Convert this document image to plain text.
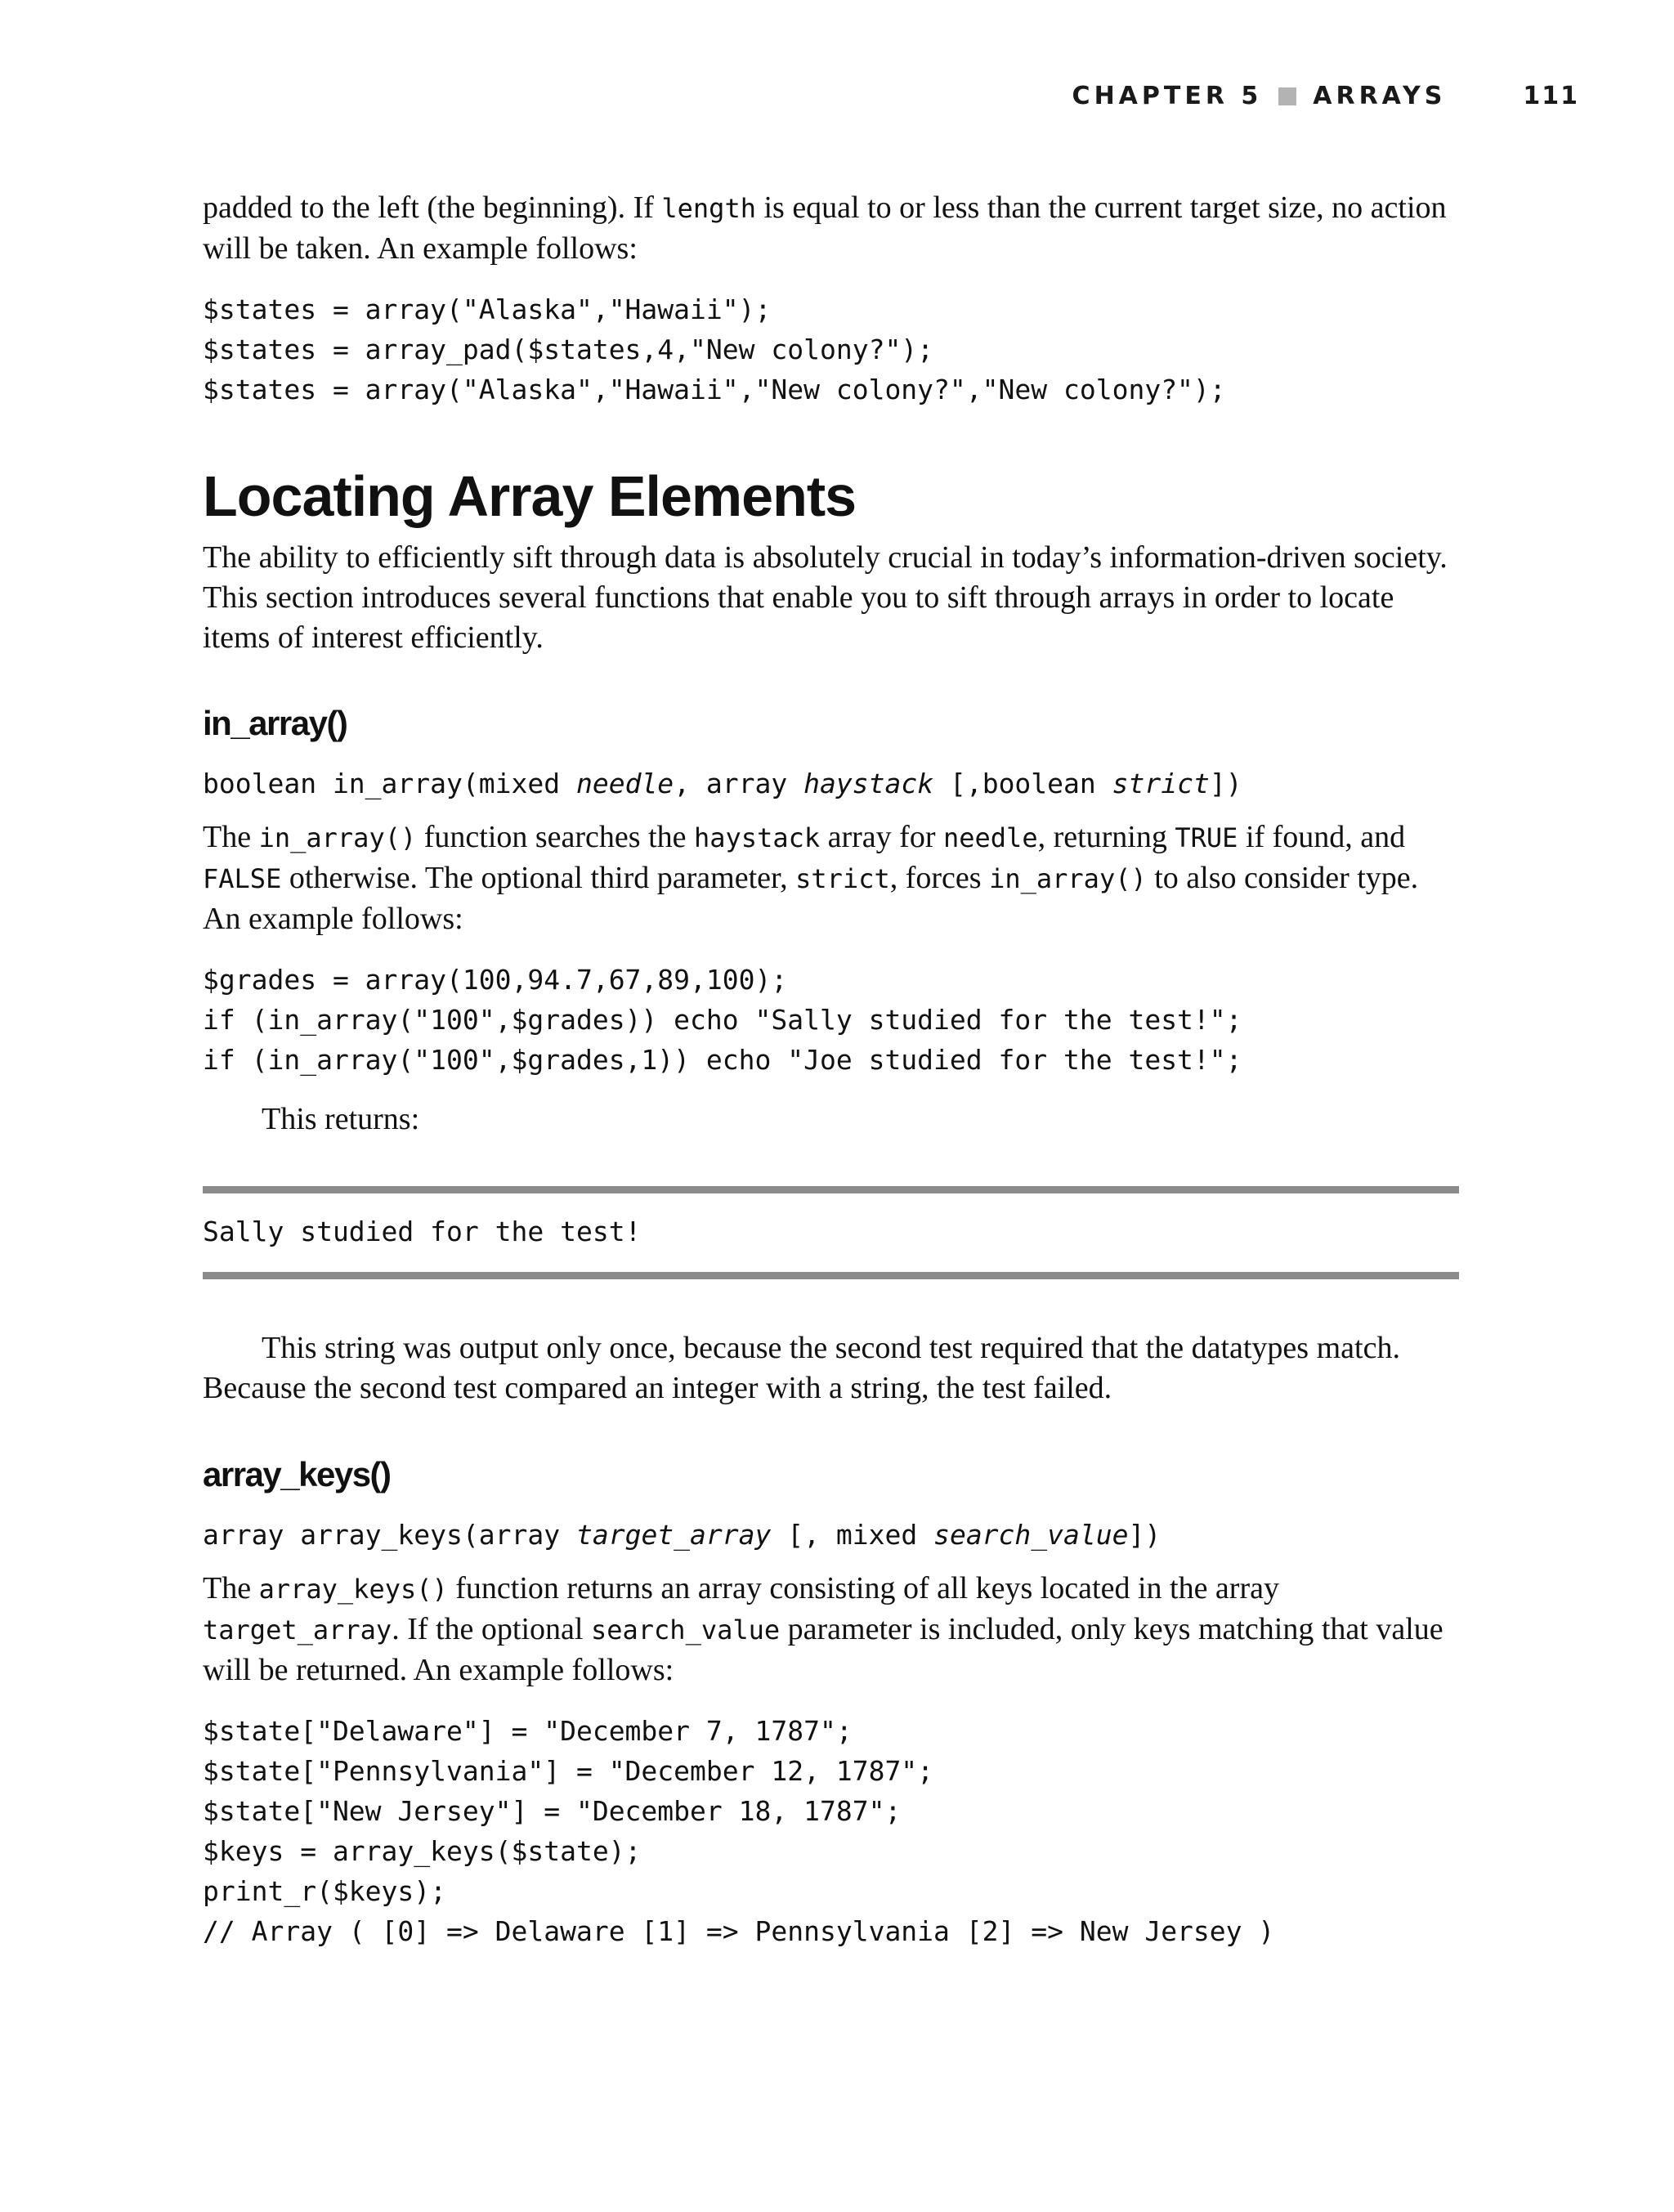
CHAPTER 5 ARRAYS	111

padded to the left (the beginning). If length is equal to or less than the current target size, no action will be taken. An example follows:

$states = array("Alaska","Hawaii");
$states = array_pad($states,4,"New colony?");
$states = array("Alaska","Hawaii","New colony?","New colony?");
Locating Array Elements

The ability to efficiently sift through data is absolutely crucial in today’s information-driven society. This section introduces several functions that enable you to sift through arrays in order to locate items of interest efficiently.

in_array()
boolean in_array(mixed needle, array haystack [,boolean strict])

The in_array() function searches the haystack array for needle, returning TRUE if found, and FALSE otherwise. The optional third parameter, strict, forces in_array() to also consider type. An example follows:

$grades = array(100,94.7,67,89,100);
if (in_array("100",$grades)) echo "Sally studied for the test!";
if (in_array("100",$grades,1)) echo "Joe studied for the test!";

This returns:

Sally studied for the test!

This string was output only once, because the second test required that the datatypes match. Because the second test compared an integer with a string, the test failed.

array_keys()
array array_keys(array target_array [, mixed search_value])

The array_keys() function returns an array consisting of all keys located in the array target_array. If the optional search_value parameter is included, only keys matching that value will be returned. An example follows:

$state["Delaware"] = "December 7, 1787";
$state["Pennsylvania"] = "December 12, 1787";
$state["New Jersey"] = "December 18, 1787";
$keys = array_keys($state);
print_r($keys);
// Array ( [0] => Delaware [1] => Pennsylvania [2] => New Jersey )
